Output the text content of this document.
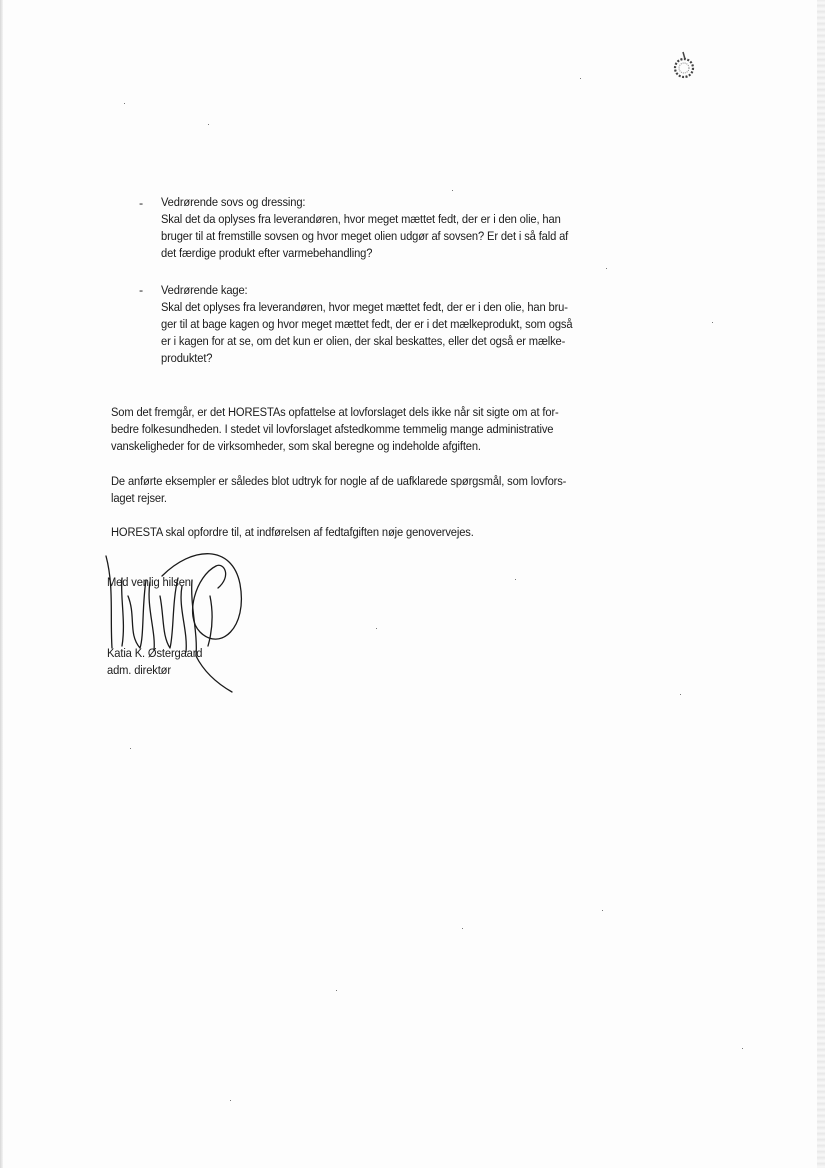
- Vedrørende sovs og dressing:
Skal det da oplyses fra leverandøren, hvor meget mættet fedt, der er i den olie, han
bruger til at fremstille sovsen og hvor meget olien udgør af sovsen? Er det i så fald af
det færdige produkt efter varmebehandling?
- Vedrørende kage:
Skal det oplyses fra leverandøren, hvor meget mættet fedt, der er i den olie, han bru-
ger til at bage kagen og hvor meget mættet fedt, der er i det mælkeprodukt, som også
er i kagen for at se, om det kun er olien, der skal beskattes, eller det også er mælke-
produktet?
Som det fremgår, er det HORESTAs opfattelse at lovforslaget dels ikke når sit sigte om at for-
bedre folkesundheden. I stedet vil lovforslaget afstedkomme temmelig mange administrative
vanskeligheder for de virksomheder, som skal beregne og indeholde afgiften.
De anførte eksempler er således blot udtryk for nogle af de uafklarede spørgsmål, som lovfors-
laget rejser.
HORESTA skal opfordre til, at indførelsen af fedtafgiften nøje genovervejes.
Med venlig hilsen
Katia K. Østergaard
adm. direktør
